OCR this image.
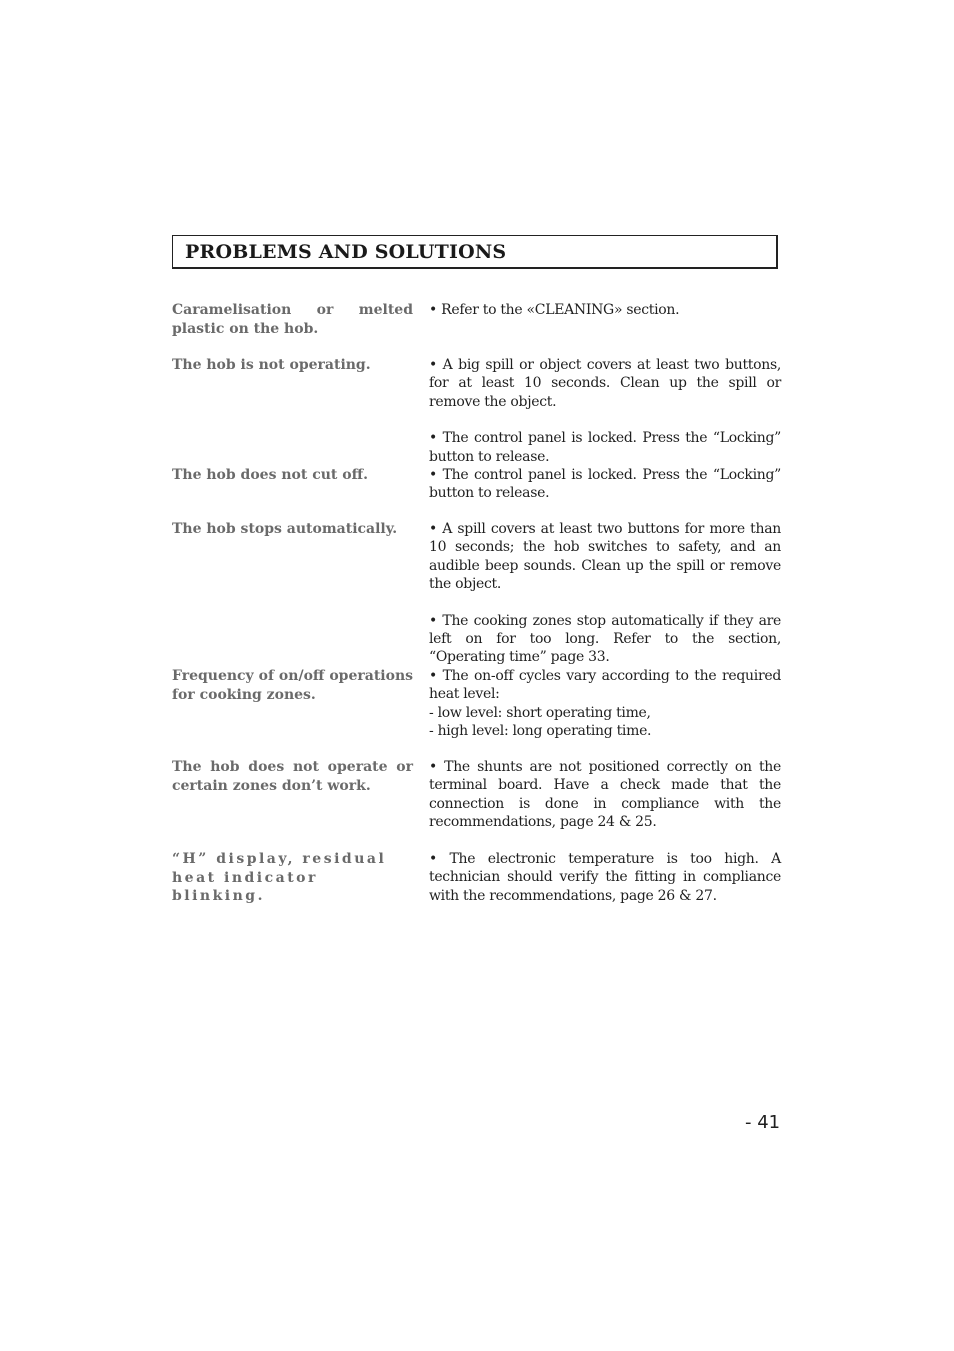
PROBLEMS AND SOLUTIONS
Caramelisation or melted plastic on the hob.
• Refer to the «CLEANING» section.
The hob is not operating.	• A big spill or object covers at least two buttons, for at least 10 seconds. Clean up the spill or remove the object.
• The control panel is locked. Press the “Locking” button to release.
The hob does not cut off.	• The control panel is locked. Press the “Locking” button to release.
The hob stops automatically.	• A spill covers at least two buttons for more than 10 seconds; the hob switches to safety, and an audible beep sounds. Clean up the spill or remove the object.
• The cooking zones stop automatically if they are left on for too long. Refer to the section, “Operating time” page 33.
Frequency of on/off operations for cooking zones.
• The on-off cycles vary according to the required heat level:
- low level: short operating time,
- high level: long operating time.
The hob does not operate or certain zones don’t work.
• The shunts are not positioned correctly on the terminal board. Have a check made that the connection is done in compliance with the recommendations, page 24 & 25.
“H” display, residual heat indicator blinking.
• The electronic temperature is too high. A technician should verify the fitting in compliance with the recommendations, page 26 & 27.
- 41
